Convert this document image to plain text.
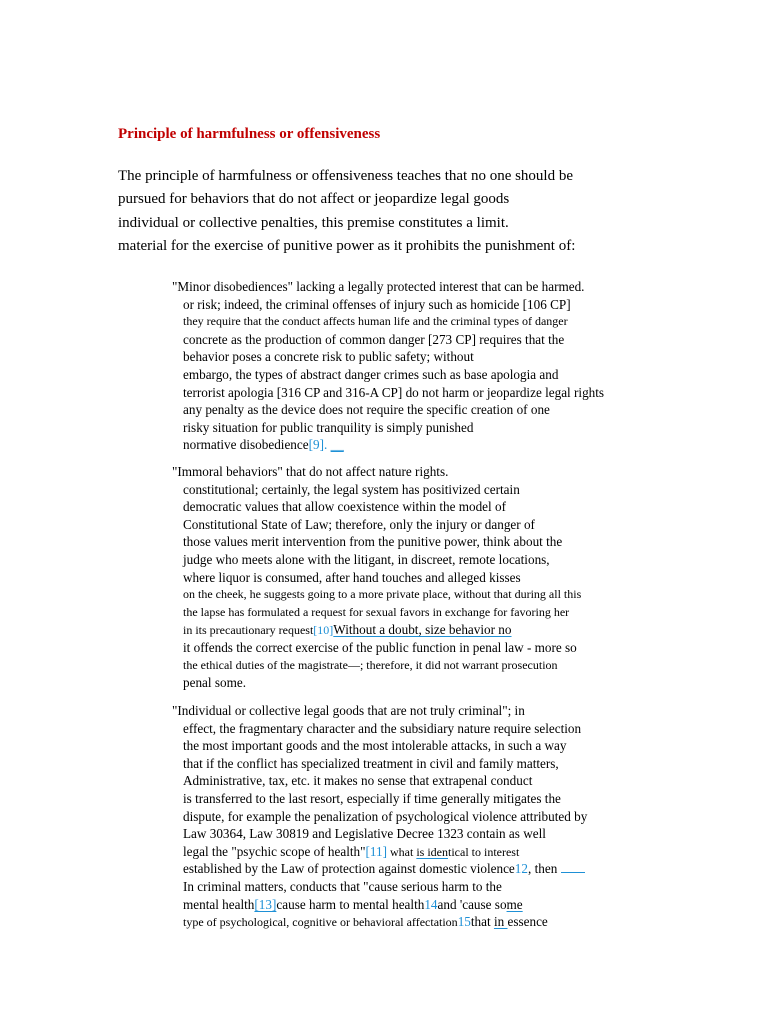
Principle of harmfulness or offensiveness
The principle of harmfulness or offensiveness teaches that no one should be
pursued for behaviors that do not affect or jeopardize legal goods
individual or collective penalties, this premise constitutes a limit.
material for the exercise of punitive power as it prohibits the punishment of:
"Minor disobediences" lacking a legally protected interest that can be harmed.
or risk; indeed, the criminal offenses of injury such as homicide [106 CP]
they require that the conduct affects human life and the criminal types of danger
concrete as the production of common danger [273 CP] requires that the
behavior poses a concrete risk to public safety; without
embargo, the types of abstract danger crimes such as base apologia and
terrorist apologia [316 CP and 316-A CP] do not harm or jeopardize legal rights
any penalty as the device does not require the specific creation of one
risky situation for public tranquility is simply punished
normative disobedience[9]. __
"Immoral behaviors" that do not affect nature rights.
constitutional; certainly, the legal system has positivized certain
democratic values that allow coexistence within the model of
Constitutional State of Law; therefore, only the injury or danger of
those values merit intervention from the punitive power, think about the
judge who meets alone with the litigant, in discreet, remote locations,
where liquor is consumed, after hand touches and alleged kisses
on the cheek, he suggests going to a more private place, without that during all this
the lapse has formulated a request for sexual favors in exchange for favoring her
in its precautionary request[10]Without a doubt, size behavior no
it offends the correct exercise of the public function in penal law - more so
the ethical duties of the magistrate—; therefore, it did not warrant prosecution
penal some.
"Individual or collective legal goods that are not truly criminal"; in
effect, the fragmentary character and the subsidiary nature require selection
the most important goods and the most intolerable attacks, in such a way
that if the conflict has specialized treatment in civil and family matters,
Administrative, tax, etc. it makes no sense that extrapenal conduct
is transferred to the last resort, especially if time generally mitigates the
dispute, for example the penalization of psychological violence attributed by
Law 30364, Law 30819 and Legislative Decree 1323 contain as well
legal the "psychic scope of health"[11] what is identical to interest
established by the Law of protection against domestic violence12, then
In criminal matters, conducts that "cause serious harm to the
mental health[13]cause harm to mental health14and 'cause some
type of psychological, cognitive or behavioral affectation15that in essence
